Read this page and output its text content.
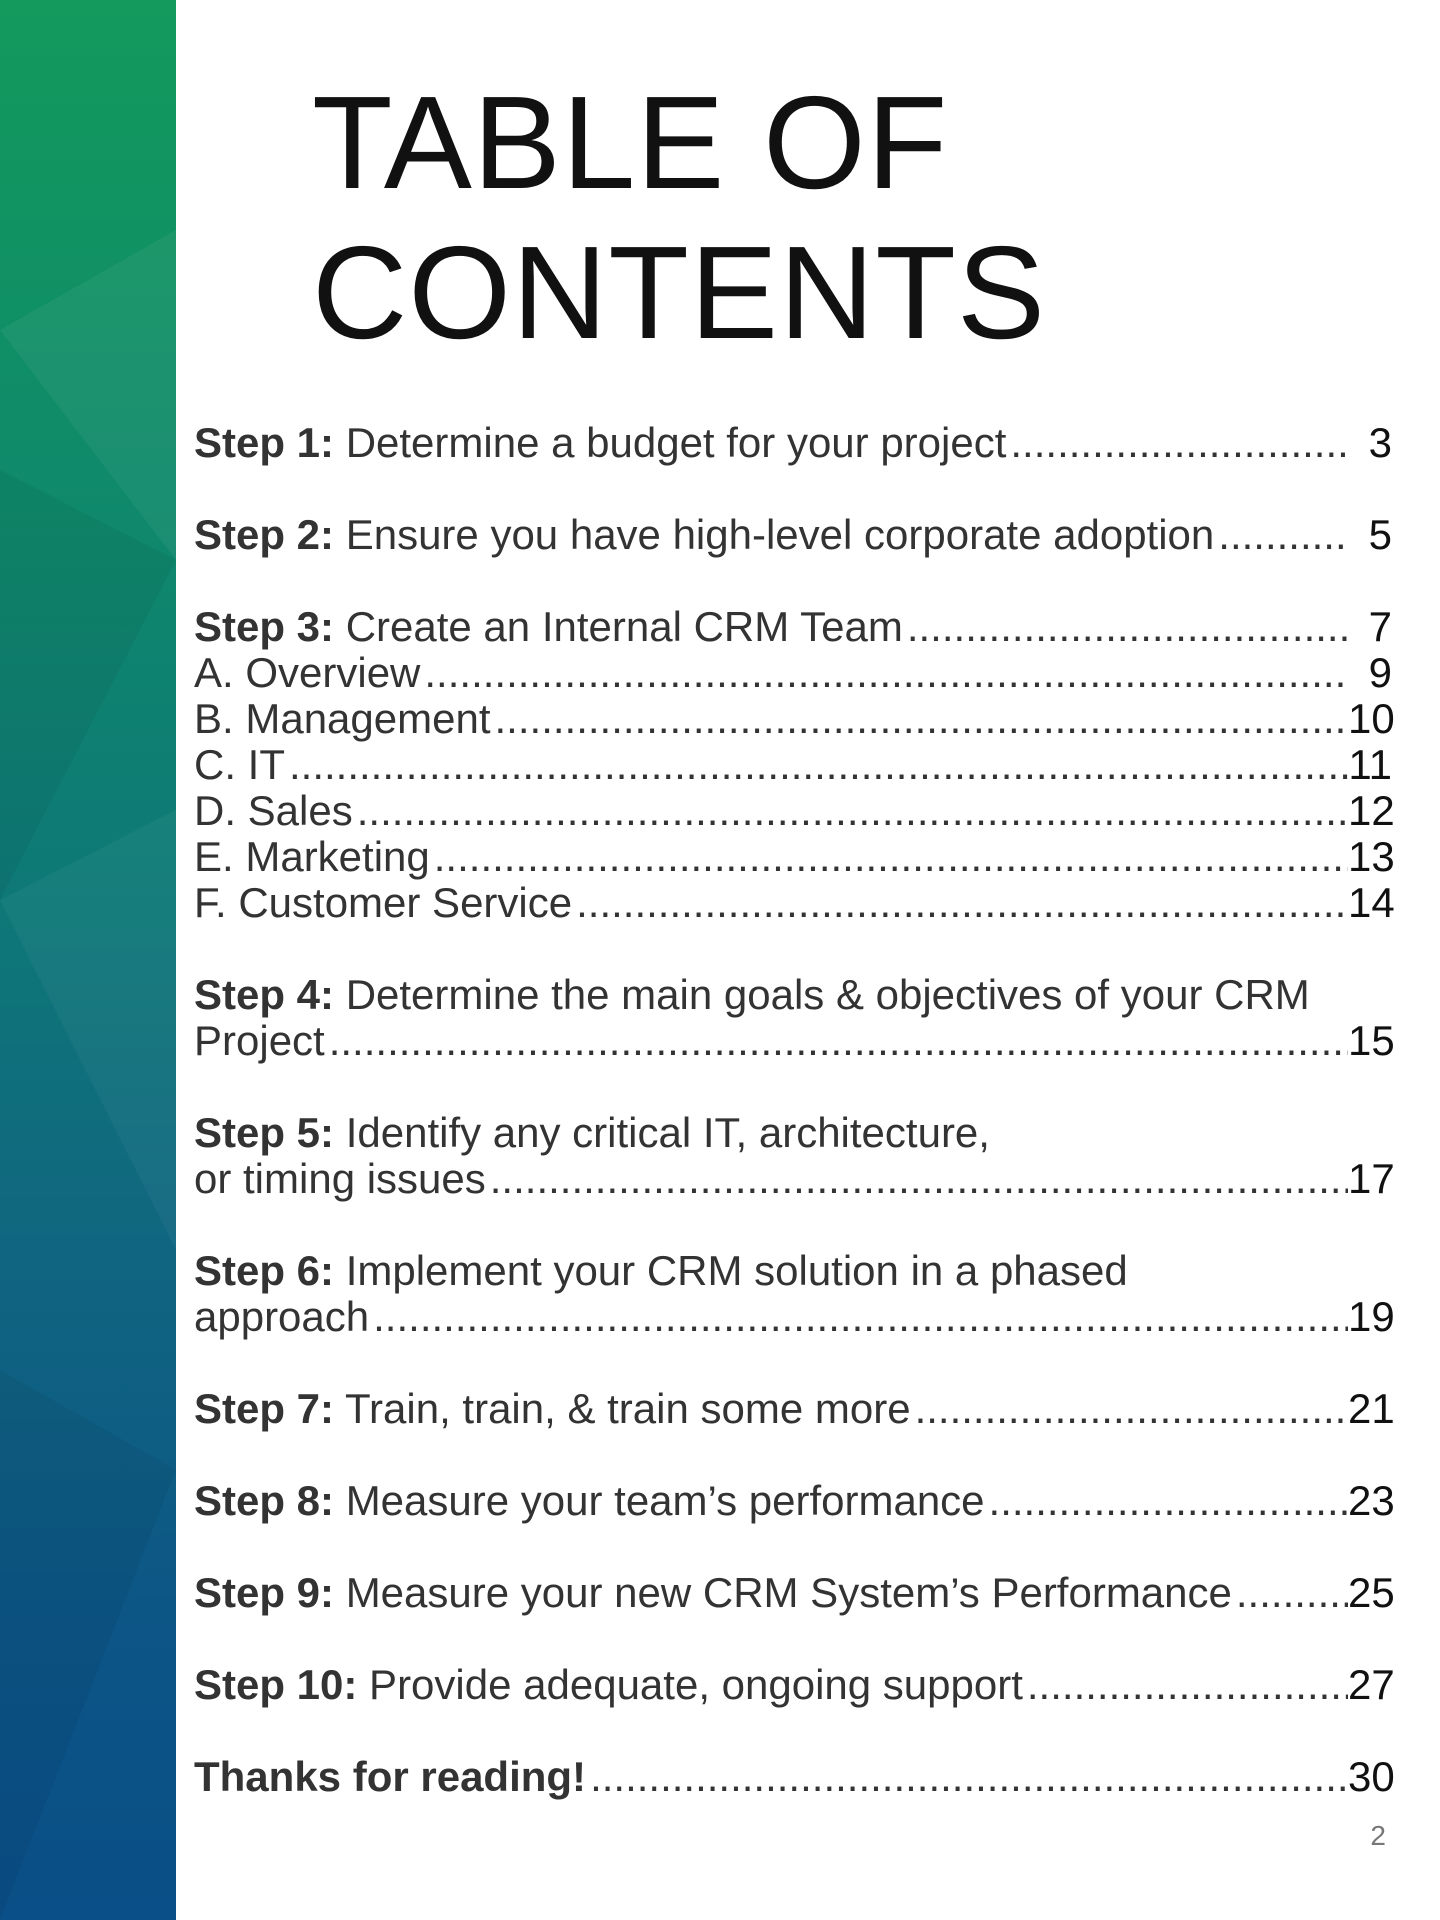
TABLE OF
CONTENTS
Step 1: Determine a budget for your project .....	3
Step 2: Ensure you have high-level corporate adoption .....	5
Step 3: Create an Internal CRM Team .....	7
A. Overview .....	9
B. Management .....	10
C. IT .....	11
D. Sales .....	12
E. Marketing .....	13
F. Customer Service .....	14
Step 4: Determine the main goals & objectives of your CRM
Project .....	15
Step 5: Identify any critical IT, architecture,
or timing issues .....	17
Step 6: Implement your CRM solution in a phased
approach .....	19
Step 7: Train, train, & train some more .....	21
Step 8: Measure your team’s performance .....	23
Step 9: Measure your new CRM System’s Performance .....	25
Step 10: Provide adequate, ongoing support .....	27
Thanks for reading! .....	30
2
